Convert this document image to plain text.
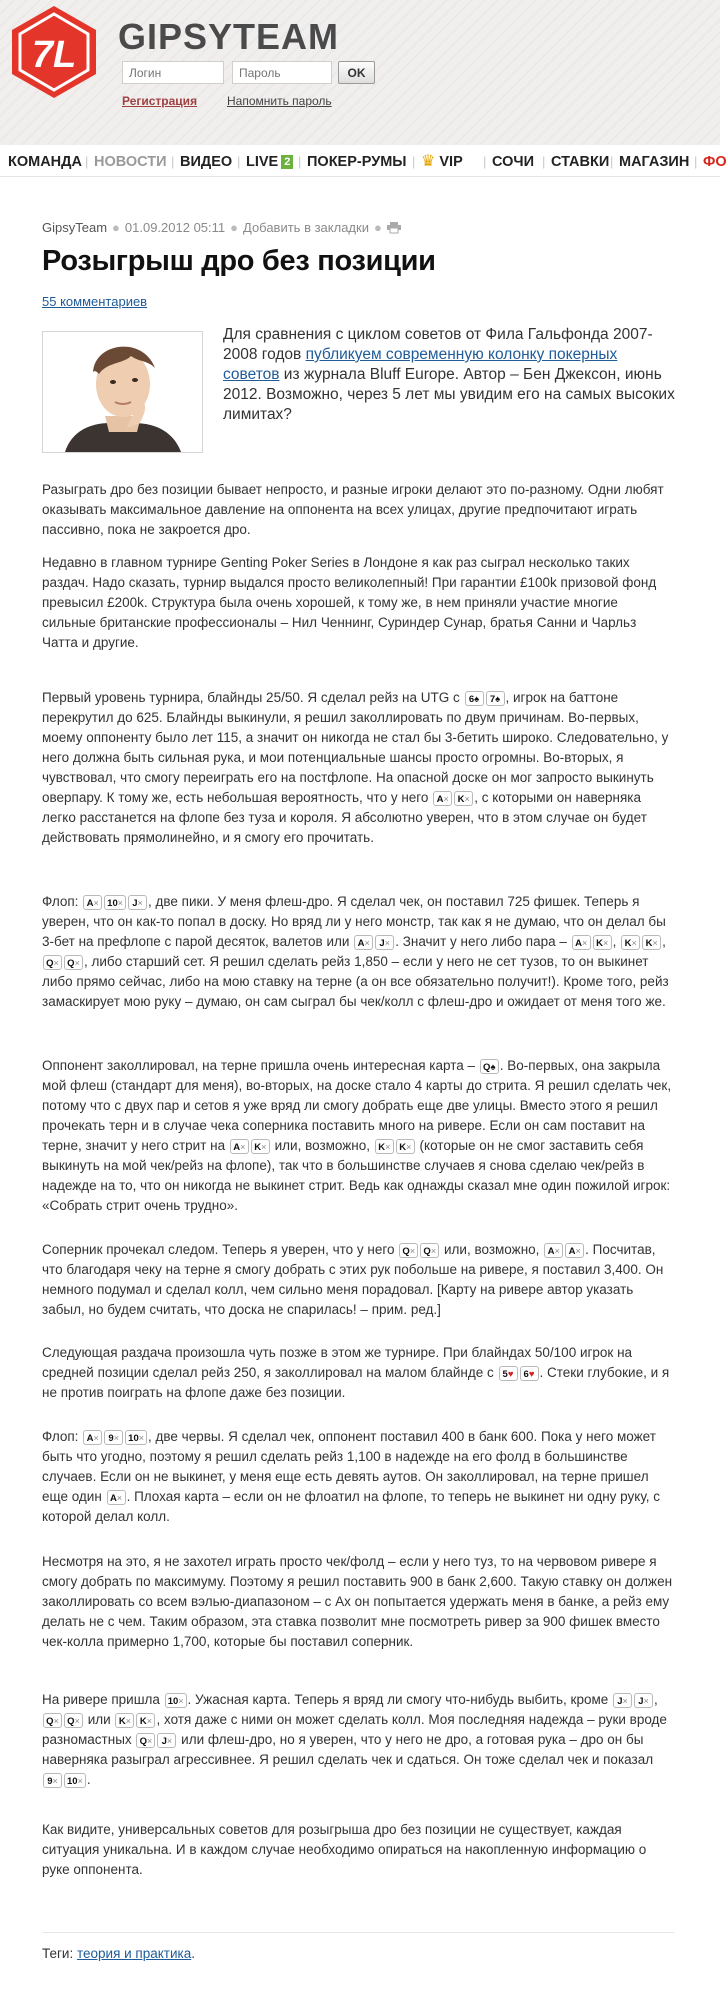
7L GIPSYTEAM
Логин
OK
Регистрация Напомнить пароль
КОМАНДА | НОВОСТИ | ВИДЕО | LIVE 2 | ПОКЕР-РУМЫ | ♛ VIP | СОЧИ | СТАВКИ | МАГАЗИН | ФО
GipsyTeam ● 01.09.2012 05:11 ● Добавить в закладки ●
Розыгрыш дро без позиции
55 комментариев

Для сравнения с циклом советов от Фила Гальфонда 2007-2008 годов публикуем современную колонку покерных советов из журнала Bluff Europe. Автор – Бен Джексон, июнь 2012. Возможно, через 5 лет мы увидим его на самых высоких лимитах?

Разыграть дро без позиции бывает непросто, и разные игроки делают это по-разному. Одни любят оказывать максимальное давление на оппонента на всех улицах, другие предпочитают играть пассивно, пока не закроется дро.

Недавно в главном турнире Genting Poker Series в Лондоне я как раз сыграл несколько таких раздач. Надо сказать, турнир выдался просто великолепный! При гарантии £100k призовой фонд превысил £200k. Структура была очень хорошей, к тому же, в нем приняли участие многие сильные британские профессионалы – Нил Ченнинг, Суриндер Сунар, братья Санни и Чарльз Чатта и другие.

Первый уровень турнира, блайнды 25/50. Я сделал рейз на UTG с 6♠ 7♠ , игрок на баттоне перекрутил до 625. Блайнды выкинули, я решил заколлировать по двум причинам. Во-первых, моему оппоненту было лет 115, а значит он никогда не стал бы 3-бетить широко. Следовательно, у него должна быть сильная рука, и мои потенциальные шансы просто огромны. Во-вторых, я чувствовал, что смогу переиграть его на постфлопе. На опасной доске он мог запросто выкинуть оверпару. К тому же, есть небольшая вероятность, что у него A× K× , с которыми он наверняка легко расстанется на флопе без туза и короля. Я абсолютно уверен, что в этом случае он будет действовать прямолинейно, и я смогу его прочитать.

Флоп: A× 10× J× , две пики. У меня флеш-дро. Я сделал чек, он поставил 725 фишек. Теперь я уверен, что он как-то попал в доску. Но вряд ли у него монстр, так как я не думаю, что он делал бы 3-бет на префлопе с парой десяток, валетов или A× J× . Значит у него либо пара – A× K× , K× K× , Q× Q× , либо старший сет. Я решил сделать рейз 1,850 – если у него не сет тузов, то он выкинет либо прямо сейчас, либо на мою ставку на терне (а он все обязательно получит!). Кроме того, рейз замаскирует мою руку – думаю, он сам сыграл бы чек/колл с флеш-дро и ожидает от меня того же.

Оппонент заколлировал, на терне пришла очень интересная карта – Q♠ . Во-первых, она закрыла мой флеш (стандарт для меня), во-вторых, на доске стало 4 карты до стрита. Я решил сделать чек, потому что с двух пар и сетов я уже вряд ли смогу добрать еще две улицы. Вместо этого я решил прочекать терн и в случае чека соперника поставить много на ривере. Если он сам поставит на терне, значит у него стрит на A× K× или, возможно, K× K× (которые он не смог заставить себя выкинуть на мой чек/рейз на флопе), так что в большинстве случаев я снова сделаю чек/рейз в надежде на то, что он никогда не выкинет стрит. Ведь как однажды сказал мне один пожилой игрок: «Собрать стрит очень трудно».

Соперник прочекал следом. Теперь я уверен, что у него Q× Q× или, возможно, A× A× . Посчитав, что благодаря чеку на терне я смогу добрать с этих рук побольше на ривере, я поставил 3,400. Он немного подумал и сделал колл, чем сильно меня порадовал. [Карту на ривере автор указать забыл, но будем считать, что доска не спарилась! – прим. ред.]

Следующая раздача произошла чуть позже в этом же турнире. При блайндах 50/100 игрок на средней позиции сделал рейз 250, я заколлировал на малом блайнде с 5♥ 6♥ . Стеки глубокие, и я не против поиграть на флопе даже без позиции.

Флоп: A× 9× 10× , две червы. Я сделал чек, оппонент поставил 400 в банк 600. Пока у него может быть что угодно, поэтому я решил сделать рейз 1,100 в надежде на его фолд в большинстве случаев. Если он не выкинет, у меня еще есть девять аутов. Он заколлировал, на терне пришел еще один A× . Плохая карта – если он не флоатил на флопе, то теперь не выкинет ни одну руку, с которой делал колл.

Несмотря на это, я не захотел играть просто чек/фолд – если у него туз, то на червовом ривере я смогу добрать по максимуму. Поэтому я решил поставить 900 в банк 2,600. Такую ставку он должен заколлировать со всем вэлью-диапазоном – с Ах он попытается удержать меня в банке, а рейз ему делать не с чем. Таким образом, эта ставка позволит мне посмотреть ривер за 900 фишек вместо чек-колла примерно 1,700, которые бы поставил соперник.

На ривере пришла 10× . Ужасная карта. Теперь я вряд ли смогу что-нибудь выбить, кроме J× J× , Q× Q× или K× K× , хотя даже с ними он может сделать колл. Моя последняя надежда – руки вроде разномастных Q× J× или флеш-дро, но я уверен, что у него не дро, а готовая рука – дро он бы наверняка разыграл агрессивнее. Я решил сделать чек и сдаться. Он тоже сделал чек и показал 9× 10× .

Как видите, универсальных советов для розыгрыша дро без позиции не существует, каждая ситуация уникальна. И в каждом случае необходимо опираться на накопленную информацию о руке оппонента.

Теги: теория и практика.
